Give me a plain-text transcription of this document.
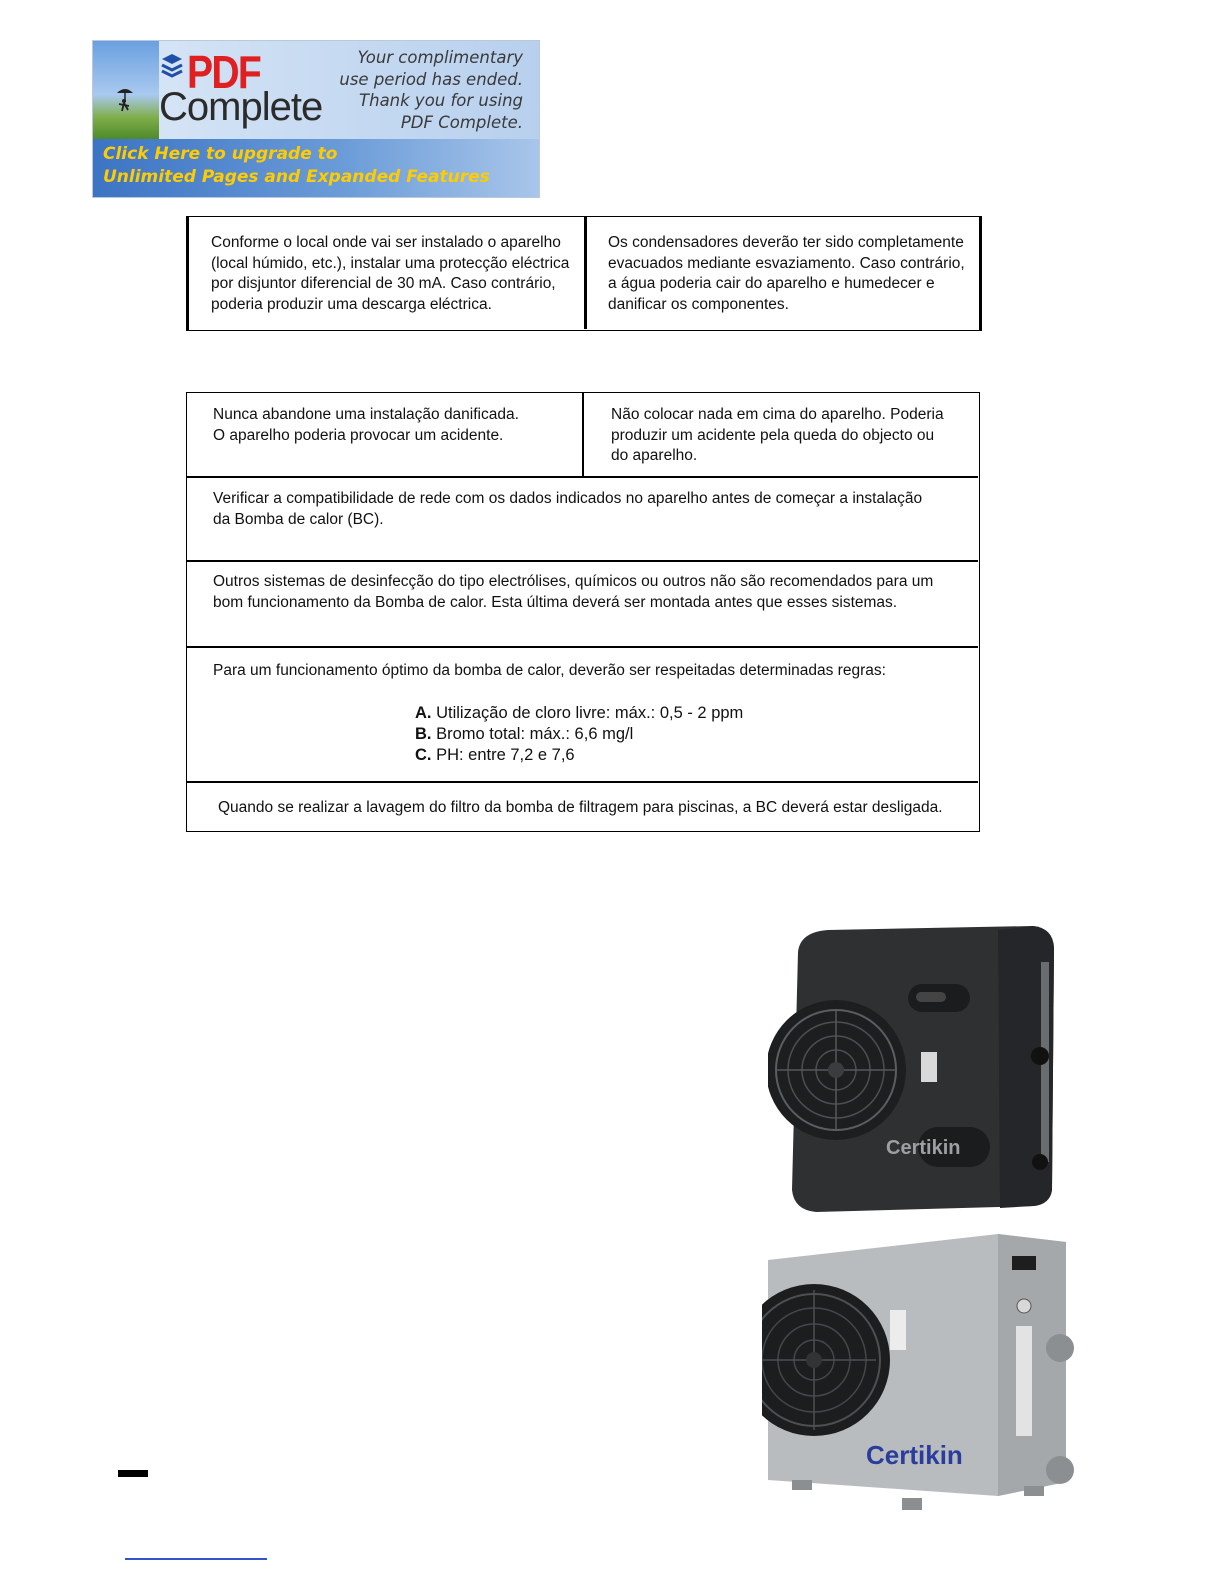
PDF
Complete
Your complimentary
use period has ended.
Thank you for using
PDF Complete.
Click Here to upgrade to
Unlimited Pages and Expanded Features
Conforme o local onde vai ser instalado o aparelho
(local húmido, etc.), instalar uma protecção eléctrica
por disjuntor diferencial de 30 mA. Caso contrário,
poderia produzir uma descarga eléctrica.
Os condensadores deverão ter sido completamente
evacuados mediante esvaziamento. Caso contrário,
a água poderia cair do aparelho e humedecer e
danificar os componentes.
Nunca abandone uma instalação danificada.
O aparelho poderia provocar um acidente.
Não colocar nada em cima do aparelho. Poderia
produzir um acidente pela queda do objecto ou
do aparelho.
Verificar a compatibilidade de rede com os dados indicados no aparelho antes de começar a instalação
da Bomba de calor (BC).
Outros sistemas de desinfecção do tipo electrólises, químicos ou outros não são recomendados para um
bom funcionamento da Bomba de calor. Esta última deverá ser montada antes que esses sistemas.
Para um funcionamento óptimo da bomba de calor, deverão ser respeitadas determinadas regras:
A. Utilização de cloro livre: máx.: 0,5 - 2 ppm
B. Bromo total: máx.: 6,6 mg/l
C. PH: entre 7,2 e 7,6
Quando se realizar a lavagem do filtro da bomba de filtragem para piscinas, a BC deverá estar desligada.
Certikin
Certikin
